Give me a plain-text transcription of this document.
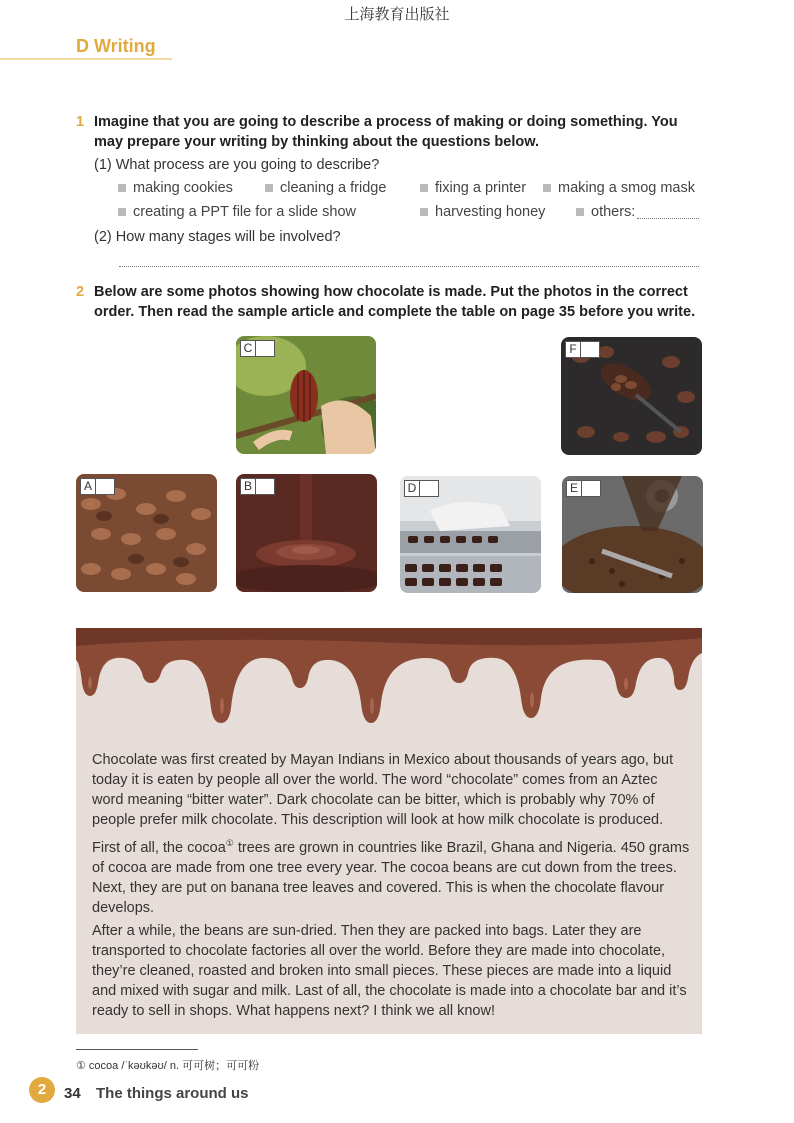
上海教育出版社
D Writing
1 Imagine that you are going to describe a process of making or doing something. You may prepare your writing by thinking about the questions below.
(1) What process are you going to describe?
making cookies	cleaning a fridge	fixing a printer making a smog mask
creating a PPT file for a slide show	harvesting honey	others:
(2) How many stages will be involved?
2 Below are some photos showing how chocolate is made. Put the photos in the correct order. Then read the sample article and complete the table on page 35 before you write.
C	F
A	B	D	E

Chocolate was first created by Mayan Indians in Mexico about thousands of years ago, but today it is eaten by people all over the world. The word “chocolate” comes from an Aztec word meaning “bitter water”. Dark chocolate can be bitter, which is probably why 70% of people prefer milk chocolate. This description will look at how milk chocolate is produced.

First of all, the cocoa① trees are grown in countries like Brazil, Ghana and Nigeria. 450 grams of cocoa are made from one tree every year. The cocoa beans are cut down from the trees. Next, they are put on banana tree leaves and covered. This is when the chocolate flavour develops.

After a while, the beans are sun-dried. Then they are packed into bags. Later they are transported to chocolate factories all over the world. Before they are made into chocolate, they’re cleaned, roasted and broken into small pieces. These pieces are made into a liquid and mixed with sugar and milk. Last of all, the chocolate is made into a chocolate bar and it’s ready to sell in shops. What happens next? I think we all know!

① cocoa /ˈkəʊkəʊ/ n. 可可树；可可粉
2	34 The things around us
